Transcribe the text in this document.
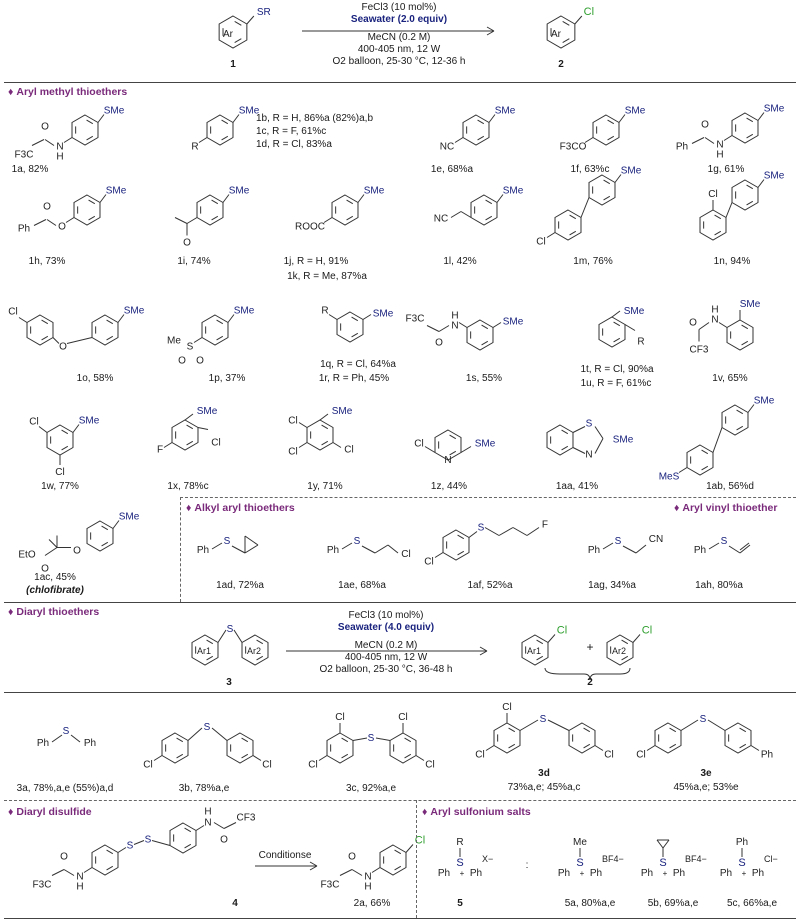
Ar
SR
Ar
Cl
SMe
N
H
O
F3C
SMe
R
SMe
NC
SMe
F3CO
SMe
N
H
O
Ph
SMe
O
O
Ph
SMe
O
SMe
ROOC
SMe
NC
Cl
SMe
Cl
SMe
Cl
O
SMe	SMe
S
Me
O O
SMe
R
SMe
H
N
O
F3C
SMe
R
SMe
H
N
O
CF3
SMe
Cl
Cl
SMe
Cl
F
SMe
Cl
Cl
Cl
N
Cl	SMe
S
N
SMe
MeS
SMe
SMe
O
O
EtO	Ph
S
Ph
S
Cl
Cl
S	F
Ph
S	CN
Ph
S
Ar1	Ar2
S
Ar1
Cl
Ar2
Cl
Ph
S
Ph
Cl	Cl
S
Cl
Cl
Cl
Cl
S
Cl
Cl
Cl
S
Cl	Ph
S
N
H
O
F3C
S
S
H
N
O
CF3
Cl
N
H
O
F3C
Ph
S
+ Ph
R
X−
Ph
S
+ Ph
Me
BF4−
Ph
S
+ Ph
BF4−
Ph
S
+ Ph
Ph
Cl−
1	2
FeCl3 (10 mol%)
Seawater (2.0 equiv)
MeCN (0.2 M)
400-405 nm, 12 W
O2 balloon, 25-30 °C, 12-36 h
♦ Aryl methyl thioethers
1a, 82%
1b, R = H, 86%a (82%)a,b
1c, R = F, 61%c
1d, R = Cl, 83%a
1e, 68%a	1f, 63%c	1g, 61%
1h, 73%	1i, 74%	1j, R = H, 91%
1k, R = Me, 87%a
1l, 42%	1m, 76%	1n, 94%
1o, 58%	1p, 37%
1q, R = Cl, 64%a
1r, R = Ph, 45%	1s, 55%
1t, R = Cl, 90%a
1u, R = F, 61%c	1v, 65%
1w, 77%	1x, 78%c	1y, 71%	1z, 44%	1aa, 41%	1ab, 56%d
1ac, 45%
(chlofibrate)
♦ Alkyl aryl thioethers	♦ Aryl vinyl thioether
1ad, 72%a	1ae, 68%a	1af, 52%a	1ag, 34%a	1ah, 80%a
♦ Diaryl thioethers	FeCl3 (10 mol%)
Seawater (4.0 equiv)
MeCN (0.2 M)
400-405 nm, 12 W
O2 balloon, 25-30 °C, 36-48 h
3	2
+
3a, 78%,a,e (55%)a,d	3b, 78%a,e	3c, 92%a,e
3d
73%a,e; 45%a,c
3e
45%a,e; 53%e
♦ Diaryl disulfide	♦ Aryl sulfonium salts
4
Conditionse
2a, 66%	5
:
5a, 80%a,e	5b, 69%a,e	5c, 66%a,e
